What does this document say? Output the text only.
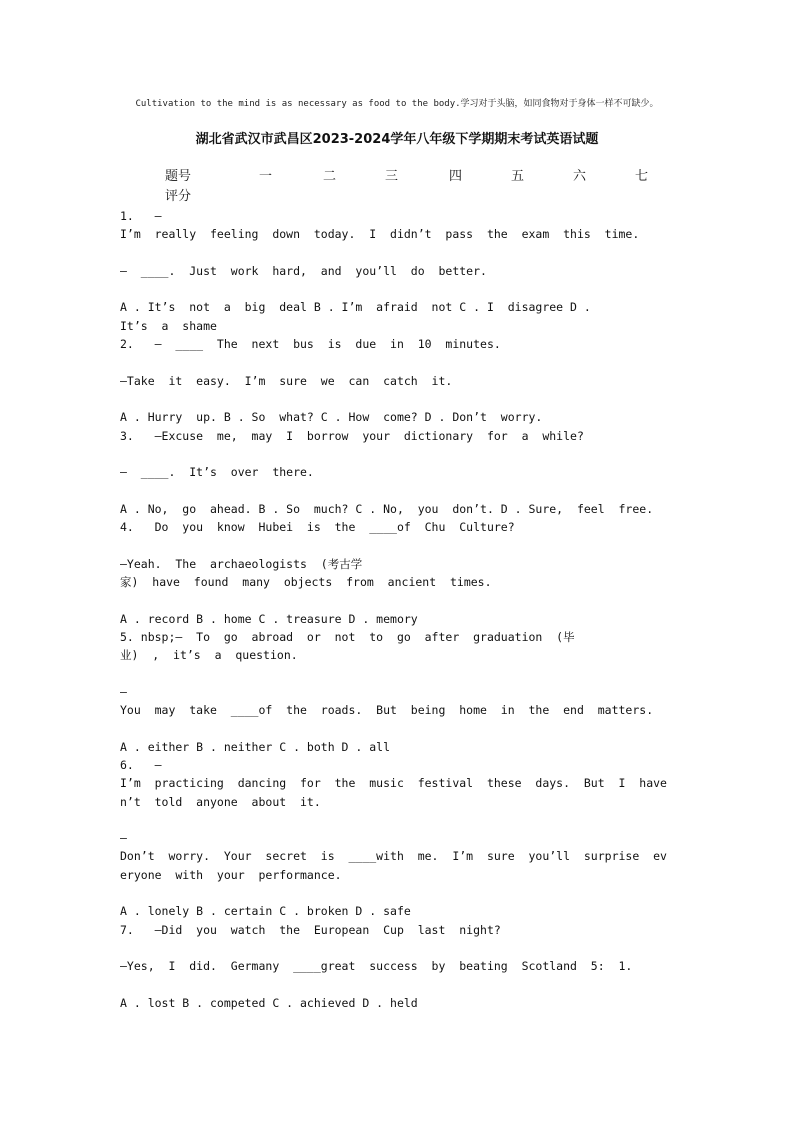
Cultivation to the mind is as necessary as food to the body.学习对于头脑，如同食物对于身体一样不可缺少。
湖北省武汉市武昌区2023-2024学年八年级下学期期末考试英语试题
题号	一	二	三	四	五	六	七
评分
1.   —
I’m  really  feeling  down  today.  I  didn’t  pass  the  exam  this  time.
—  ____.  Just  work  hard,  and  you’ll  do  better.
A . It’s  not  a  big  deal B . I’m  afraid  not C . I  disagree D .
It’s  a  shame
2.   —  ____  The  next  bus  is  due  in  10  minutes.
—Take  it  easy.  I’m  sure  we  can  catch  it.
A . Hurry  up. B . So  what? C . How  come? D . Don’t  worry.
3.   —Excuse  me,  may  I  borrow  your  dictionary  for  a  while?
—  ____.  It’s  over  there.
A . No,  go  ahead. B . So  much? C . No,  you  don’t. D . Sure,  feel  free.
4.   Do  you  know  Hubei  is  the  ____of  Chu  Culture?
—Yeah.  The  archaeologists  (考古学
家)  have  found  many  objects  from  ancient  times.
A . record B . home C . treasure D . memory
5. nbsp;—  To  go  abroad  or  not  to  go  after  graduation  (毕
业)  ,  it’s  a  question.
—
You  may  take  ____of  the  roads.  But  being  home  in  the  end  matters.
A . either B . neither C . both D . all
6.   —
I’m  practicing  dancing  for  the  music  festival  these  days.  But  I  have
n’t  told  anyone  about  it.
—
Don’t  worry.  Your  secret  is  ____with  me.  I’m  sure  you’ll  surprise  ev
eryone  with  your  performance.
A . lonely B . certain C . broken D . safe
7.   —Did  you  watch  the  European  Cup  last  night?
—Yes,  I  did.  Germany  ____great  success  by  beating  Scotland  5:  1.
A . lost B . competed C . achieved D . held
